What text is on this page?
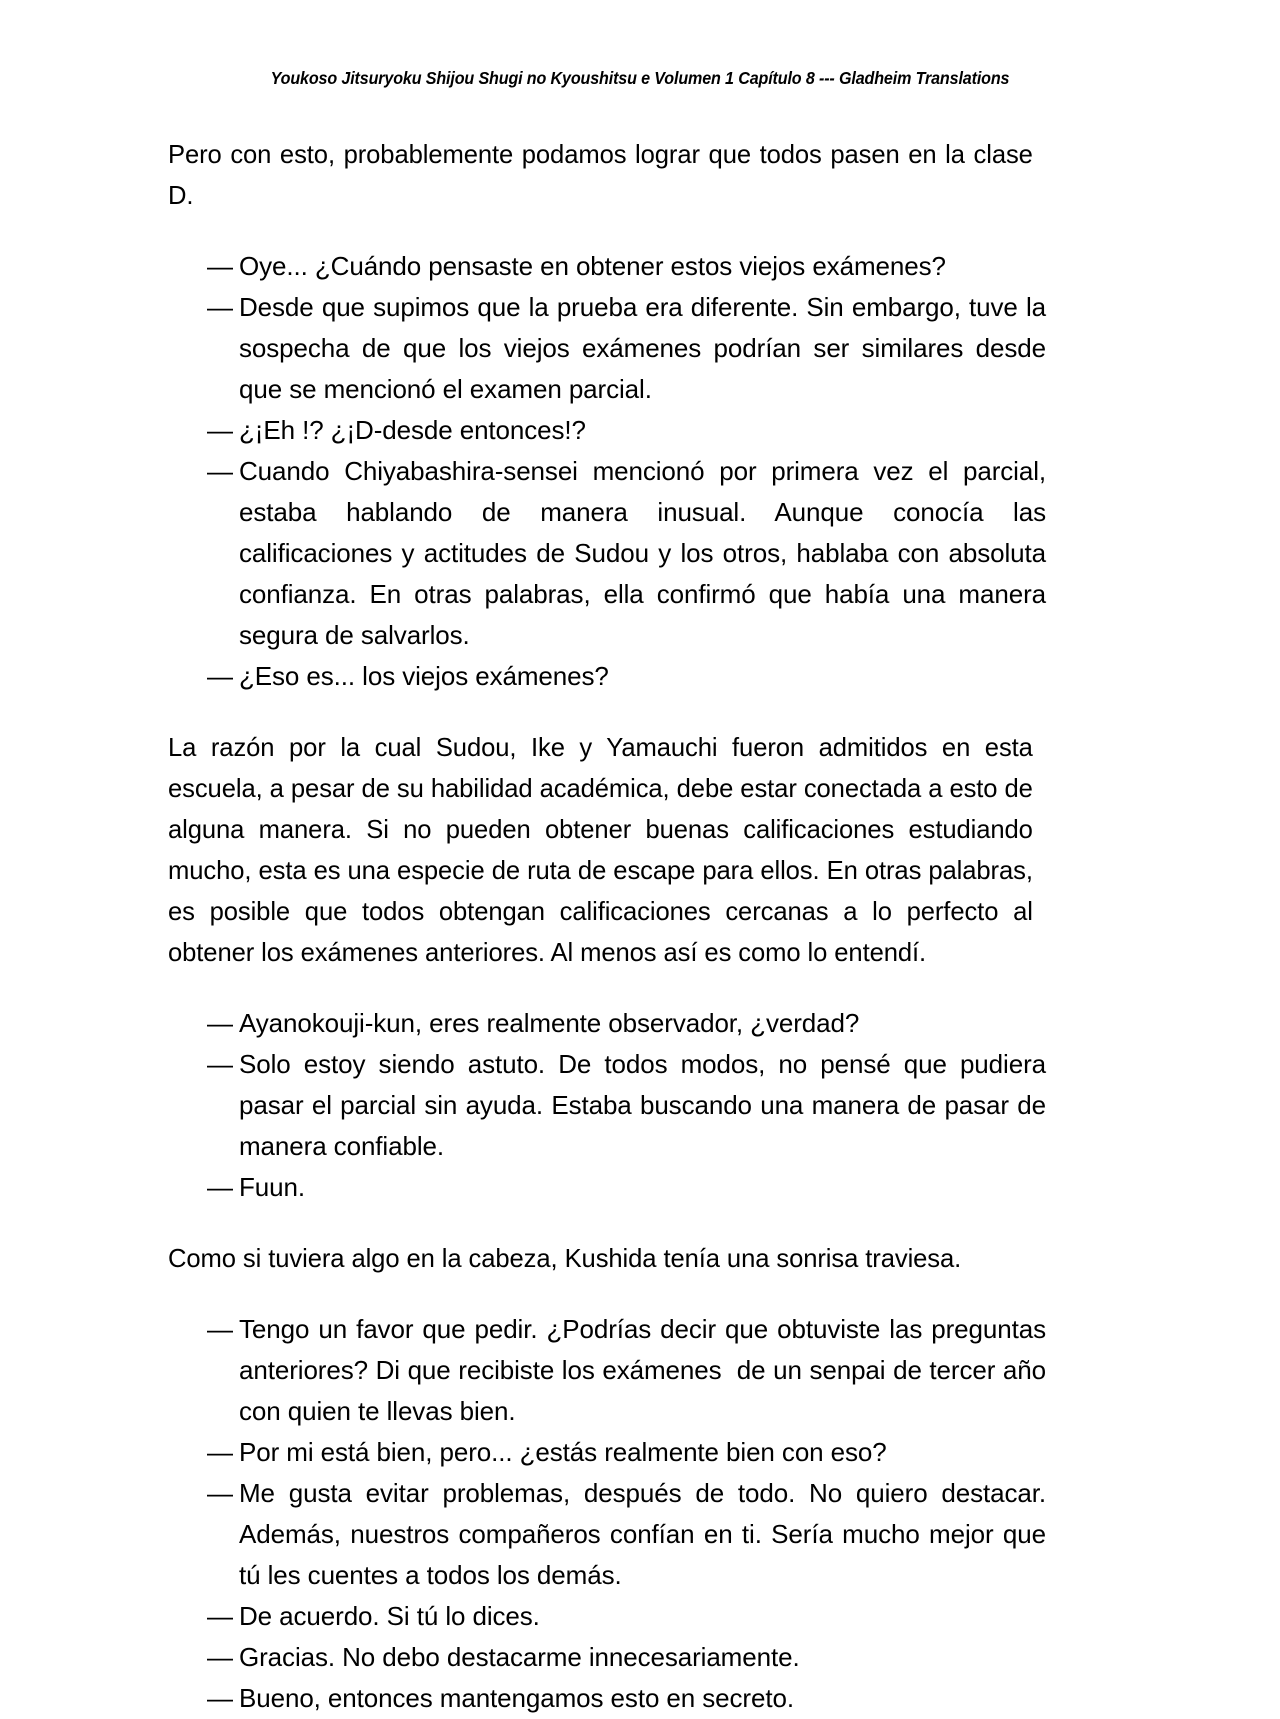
Youkoso Jitsuryoku Shijou Shugi no Kyoushitsu e Volumen 1 Capítulo 8 --- Gladheim Translations

Pero con esto, probablemente podamos lograr que todos pasen en la clase D.

— Oye... ¿Cuándo pensaste en obtener estos viejos exámenes?
— Desde que supimos que la prueba era diferente. Sin embargo, tuve la sospecha de que los viejos exámenes podrían ser similares desde que se mencionó el examen parcial.
— ¿¡Eh !? ¿¡D-desde entonces!?
— Cuando Chiyabashira-sensei mencionó por primera vez el parcial, estaba hablando de manera inusual. Aunque conocía las calificaciones y actitudes de Sudou y los otros, hablaba con absoluta confianza. En otras palabras, ella confirmó que había una manera segura de salvarlos.
— ¿Eso es... los viejos exámenes?

La razón por la cual Sudou, Ike y Yamauchi fueron admitidos en esta escuela, a pesar de su habilidad académica, debe estar conectada a esto de alguna manera. Si no pueden obtener buenas calificaciones estudiando mucho, esta es una especie de ruta de escape para ellos. En otras palabras, es posible que todos obtengan calificaciones cercanas a lo perfecto al obtener los exámenes anteriores. Al menos así es como lo entendí.

— Ayanokouji-kun, eres realmente observador, ¿verdad?
— Solo estoy siendo astuto. De todos modos, no pensé que pudiera pasar el parcial sin ayuda. Estaba buscando una manera de pasar de manera confiable.
— Fuun.

Como si tuviera algo en la cabeza, Kushida tenía una sonrisa traviesa.

— Tengo un favor que pedir. ¿Podrías decir que obtuviste las preguntas anteriores? Di que recibiste los exámenes  de un senpai de tercer año con quien te llevas bien.
— Por mi está bien, pero... ¿estás realmente bien con eso?
— Me gusta evitar problemas, después de todo. No quiero destacar. Además, nuestros compañeros confían en ti. Sería mucho mejor que tú les cuentes a todos los demás.
— De acuerdo. Si tú lo dices.
— Gracias. No debo destacarme innecesariamente.
— Bueno, entonces mantengamos esto en secreto.
